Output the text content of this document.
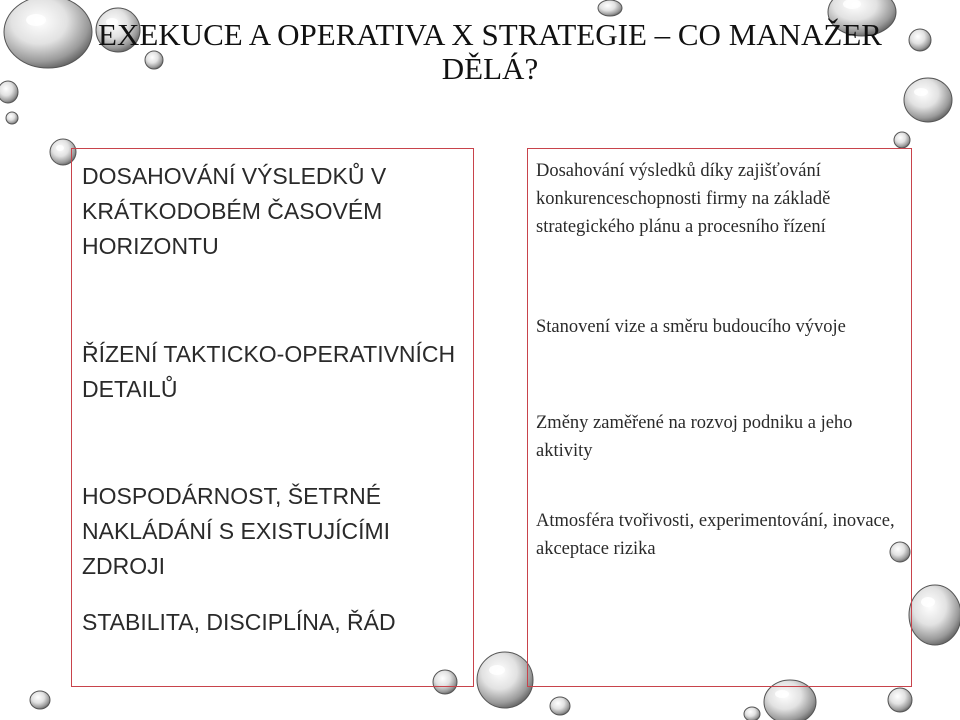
EXEKUCE A OPERATIVA X STRATEGIE – CO MANAŽER DĚLÁ?

DOSAHOVÁNÍ VÝSLEDKŮ V KRÁTKODOBÉM ČASOVÉM HORIZONTU

ŘÍZENÍ TAKTICKO-OPERATIVNÍCH DETAILŮ

HOSPODÁRNOST, ŠETRNÉ NAKLÁDÁNÍ S EXISTUJÍCÍMI ZDROJI

STABILITA, DISCIPLÍNA, ŘÁD

Dosahování výsledků díky zajišťování konkurenceschopnosti firmy na základě strategického plánu a procesního řízení

Stanovení vize a směru budoucího vývoje

Změny zaměřené na rozvoj podniku a jeho aktivity

Atmosféra tvořivosti, experimentování, inovace, akceptace rizika
